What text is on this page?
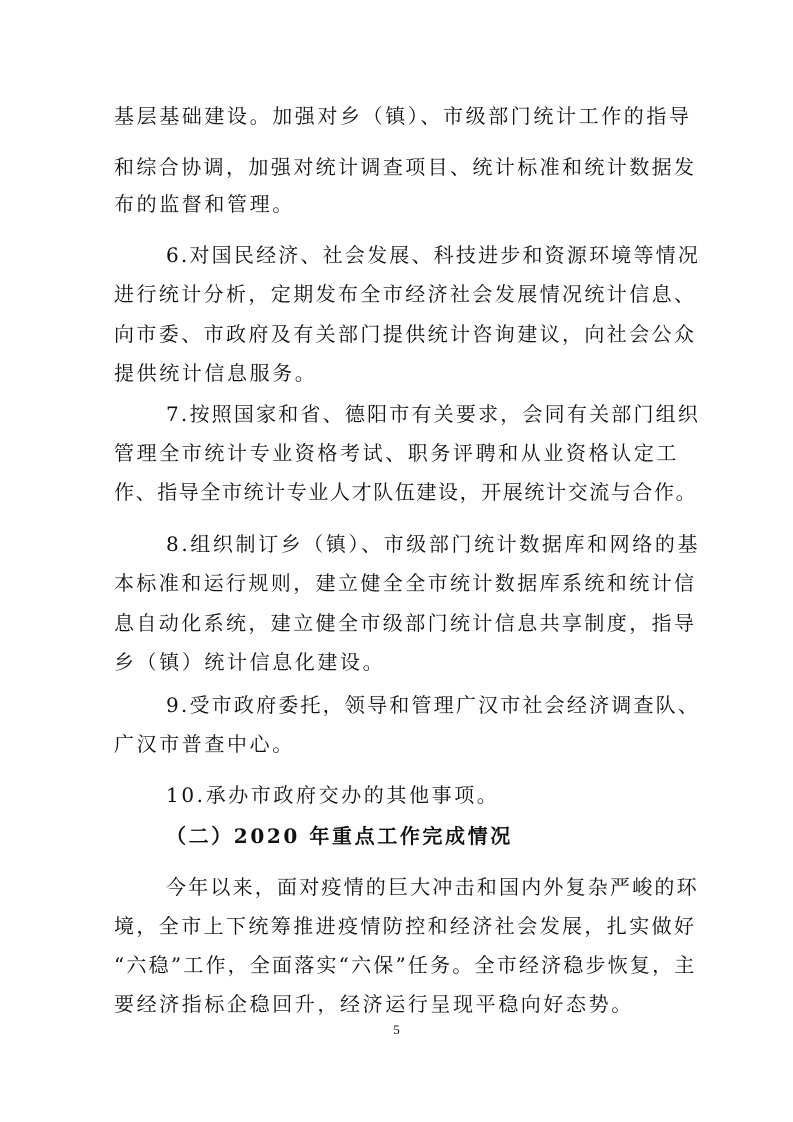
基层基础建设。加强对乡（镇）、市级部门统计工作的指导
和综合协调，加强对统计调查项目、统计标准和统计数据发
布的监督和管理。
6.对国民经济、社会发展、科技进步和资源环境等情况
进行统计分析，定期发布全市经济社会发展情况统计信息、
向市委、市政府及有关部门提供统计咨询建议，向社会公众
提供统计信息服务。
7.按照国家和省、德阳市有关要求，会同有关部门组织
管理全市统计专业资格考试、职务评聘和从业资格认定工
作、指导全市统计专业人才队伍建设，开展统计交流与合作。
8.组织制订乡（镇）、市级部门统计数据库和网络的基
本标准和运行规则，建立健全全市统计数据库系统和统计信
息自动化系统，建立健全市级部门统计信息共享制度，指导
乡（镇）统计信息化建设。
9.受市政府委托，领导和管理广汉市社会经济调查队、
广汉市普查中心。
10.承办市政府交办的其他事项。
（二）2020 年重点工作完成情况
今年以来，面对疫情的巨大冲击和国内外复杂严峻的环
境，全市上下统筹推进疫情防控和经济社会发展，扎实做好
“六稳”工作，全面落实“六保”任务。全市经济稳步恢复，主
要经济指标企稳回升，经济运行呈现平稳向好态势。
5
